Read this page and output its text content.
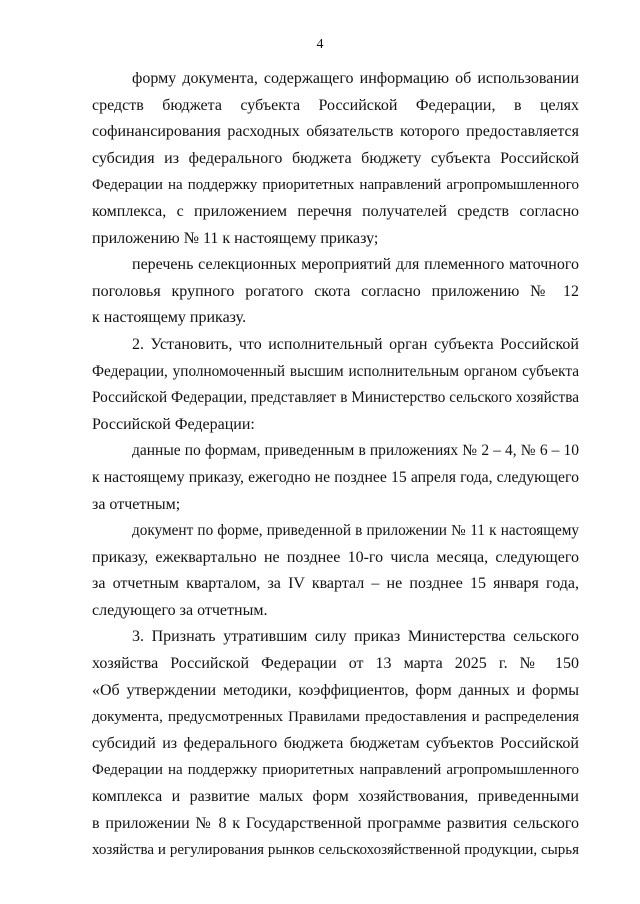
4
форму документа, содержащего информацию об использовании
средств бюджета субъекта Российской Федерации, в целях
софинансирования расходных обязательств которого предоставляется
субсидия из федерального бюджета бюджету субъекта Российской
Федерации на поддержку приоритетных направлений агропромышленного
комплекса, с приложением перечня получателей средств согласно
приложению № 11 к настоящему приказу;
перечень селекционных мероприятий для племенного маточного
поголовья крупного рогатого скота согласно приложению № 12
к настоящему приказу.
2. Установить, что исполнительный орган субъекта Российской
Федерации, уполномоченный высшим исполнительным органом субъекта
Российской Федерации, представляет в Министерство сельского хозяйства
Российской Федерации:
данные по формам, приведенным в приложениях № 2 – 4, № 6 – 10
к настоящему приказу, ежегодно не позднее 15 апреля года, следующего
за отчетным;
документ по форме, приведенной в приложении № 11 к настоящему
приказу, ежеквартально не позднее 10-го числа месяца, следующего
за отчетным кварталом, за IV квартал – не позднее 15 января года,
следующего за отчетным.
3. Признать утратившим силу приказ Министерства сельского
хозяйства Российской Федерации от 13 марта 2025 г. № 150
«Об утверждении методики, коэффициентов, форм данных и формы
документа, предусмотренных Правилами предоставления и распределения
субсидий из федерального бюджета бюджетам субъектов Российской
Федерации на поддержку приоритетных направлений агропромышленного
комплекса и развитие малых форм хозяйствования, приведенными
в приложении № 8 к Государственной программе развития сельского
хозяйства и регулирования рынков сельскохозяйственной продукции, сырья
